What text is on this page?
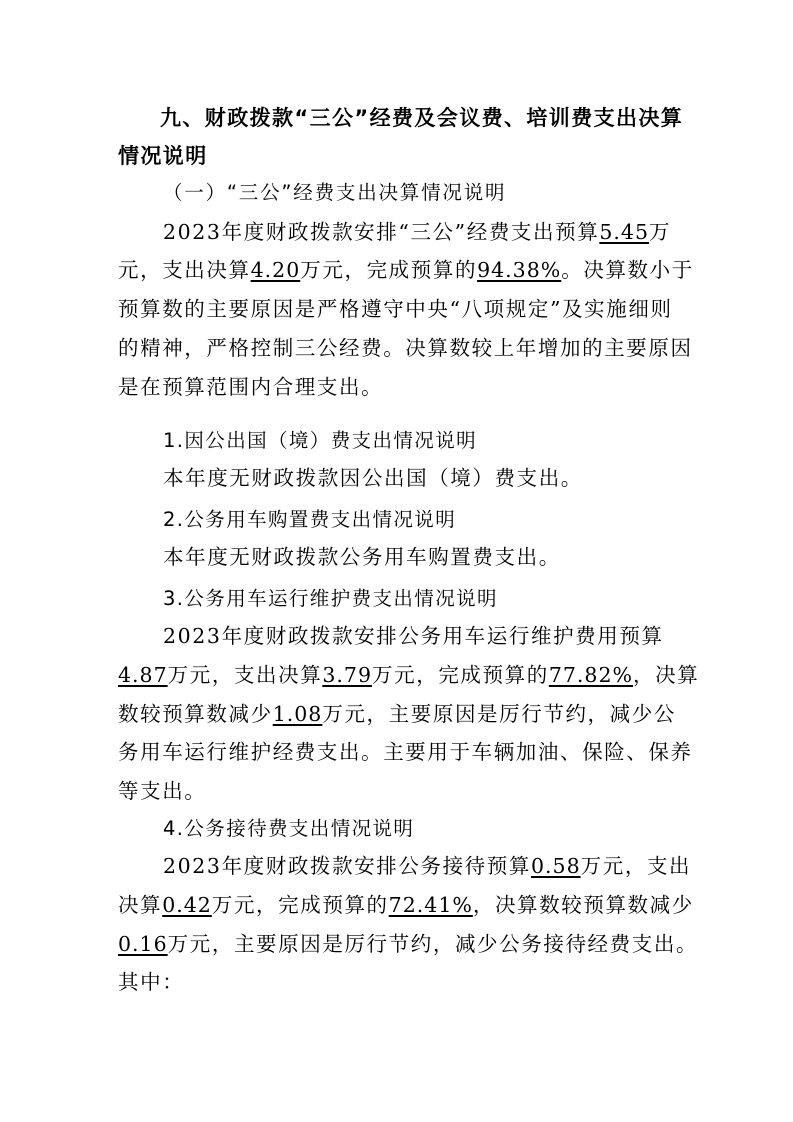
九、财政拨款“三公”经费及会议费、培训费支出决算
情况说明
（一）“三公”经费支出决算情况说明
2023年度财政拨款安排“三公”经费支出预算5.45万
元，支出决算4.20万元，完成预算的94.38%。决算数小于
预算数的主要原因是严格遵守中央“八项规定”及实施细则
的精神，严格控制三公经费。决算数较上年增加的主要原因
是在预算范围内合理支出。
1.因公出国（境）费支出情况说明
本年度无财政拨款因公出国（境）费支出。
2.公务用车购置费支出情况说明
本年度无财政拨款公务用车购置费支出。
3.公务用车运行维护费支出情况说明
2023年度财政拨款安排公务用车运行维护费用预算
4.87万元，支出决算3.79万元，完成预算的77.82%，决算
数较预算数减少1.08万元，主要原因是厉行节约，减少公
务用车运行维护经费支出。主要用于车辆加油、保险、保养
等支出。
4.公务接待费支出情况说明
2023年度财政拨款安排公务接待预算0.58万元，支出
决算0.42万元，完成预算的72.41%，决算数较预算数减少
0.16万元，主要原因是厉行节约，减少公务接待经费支出。
其中：
